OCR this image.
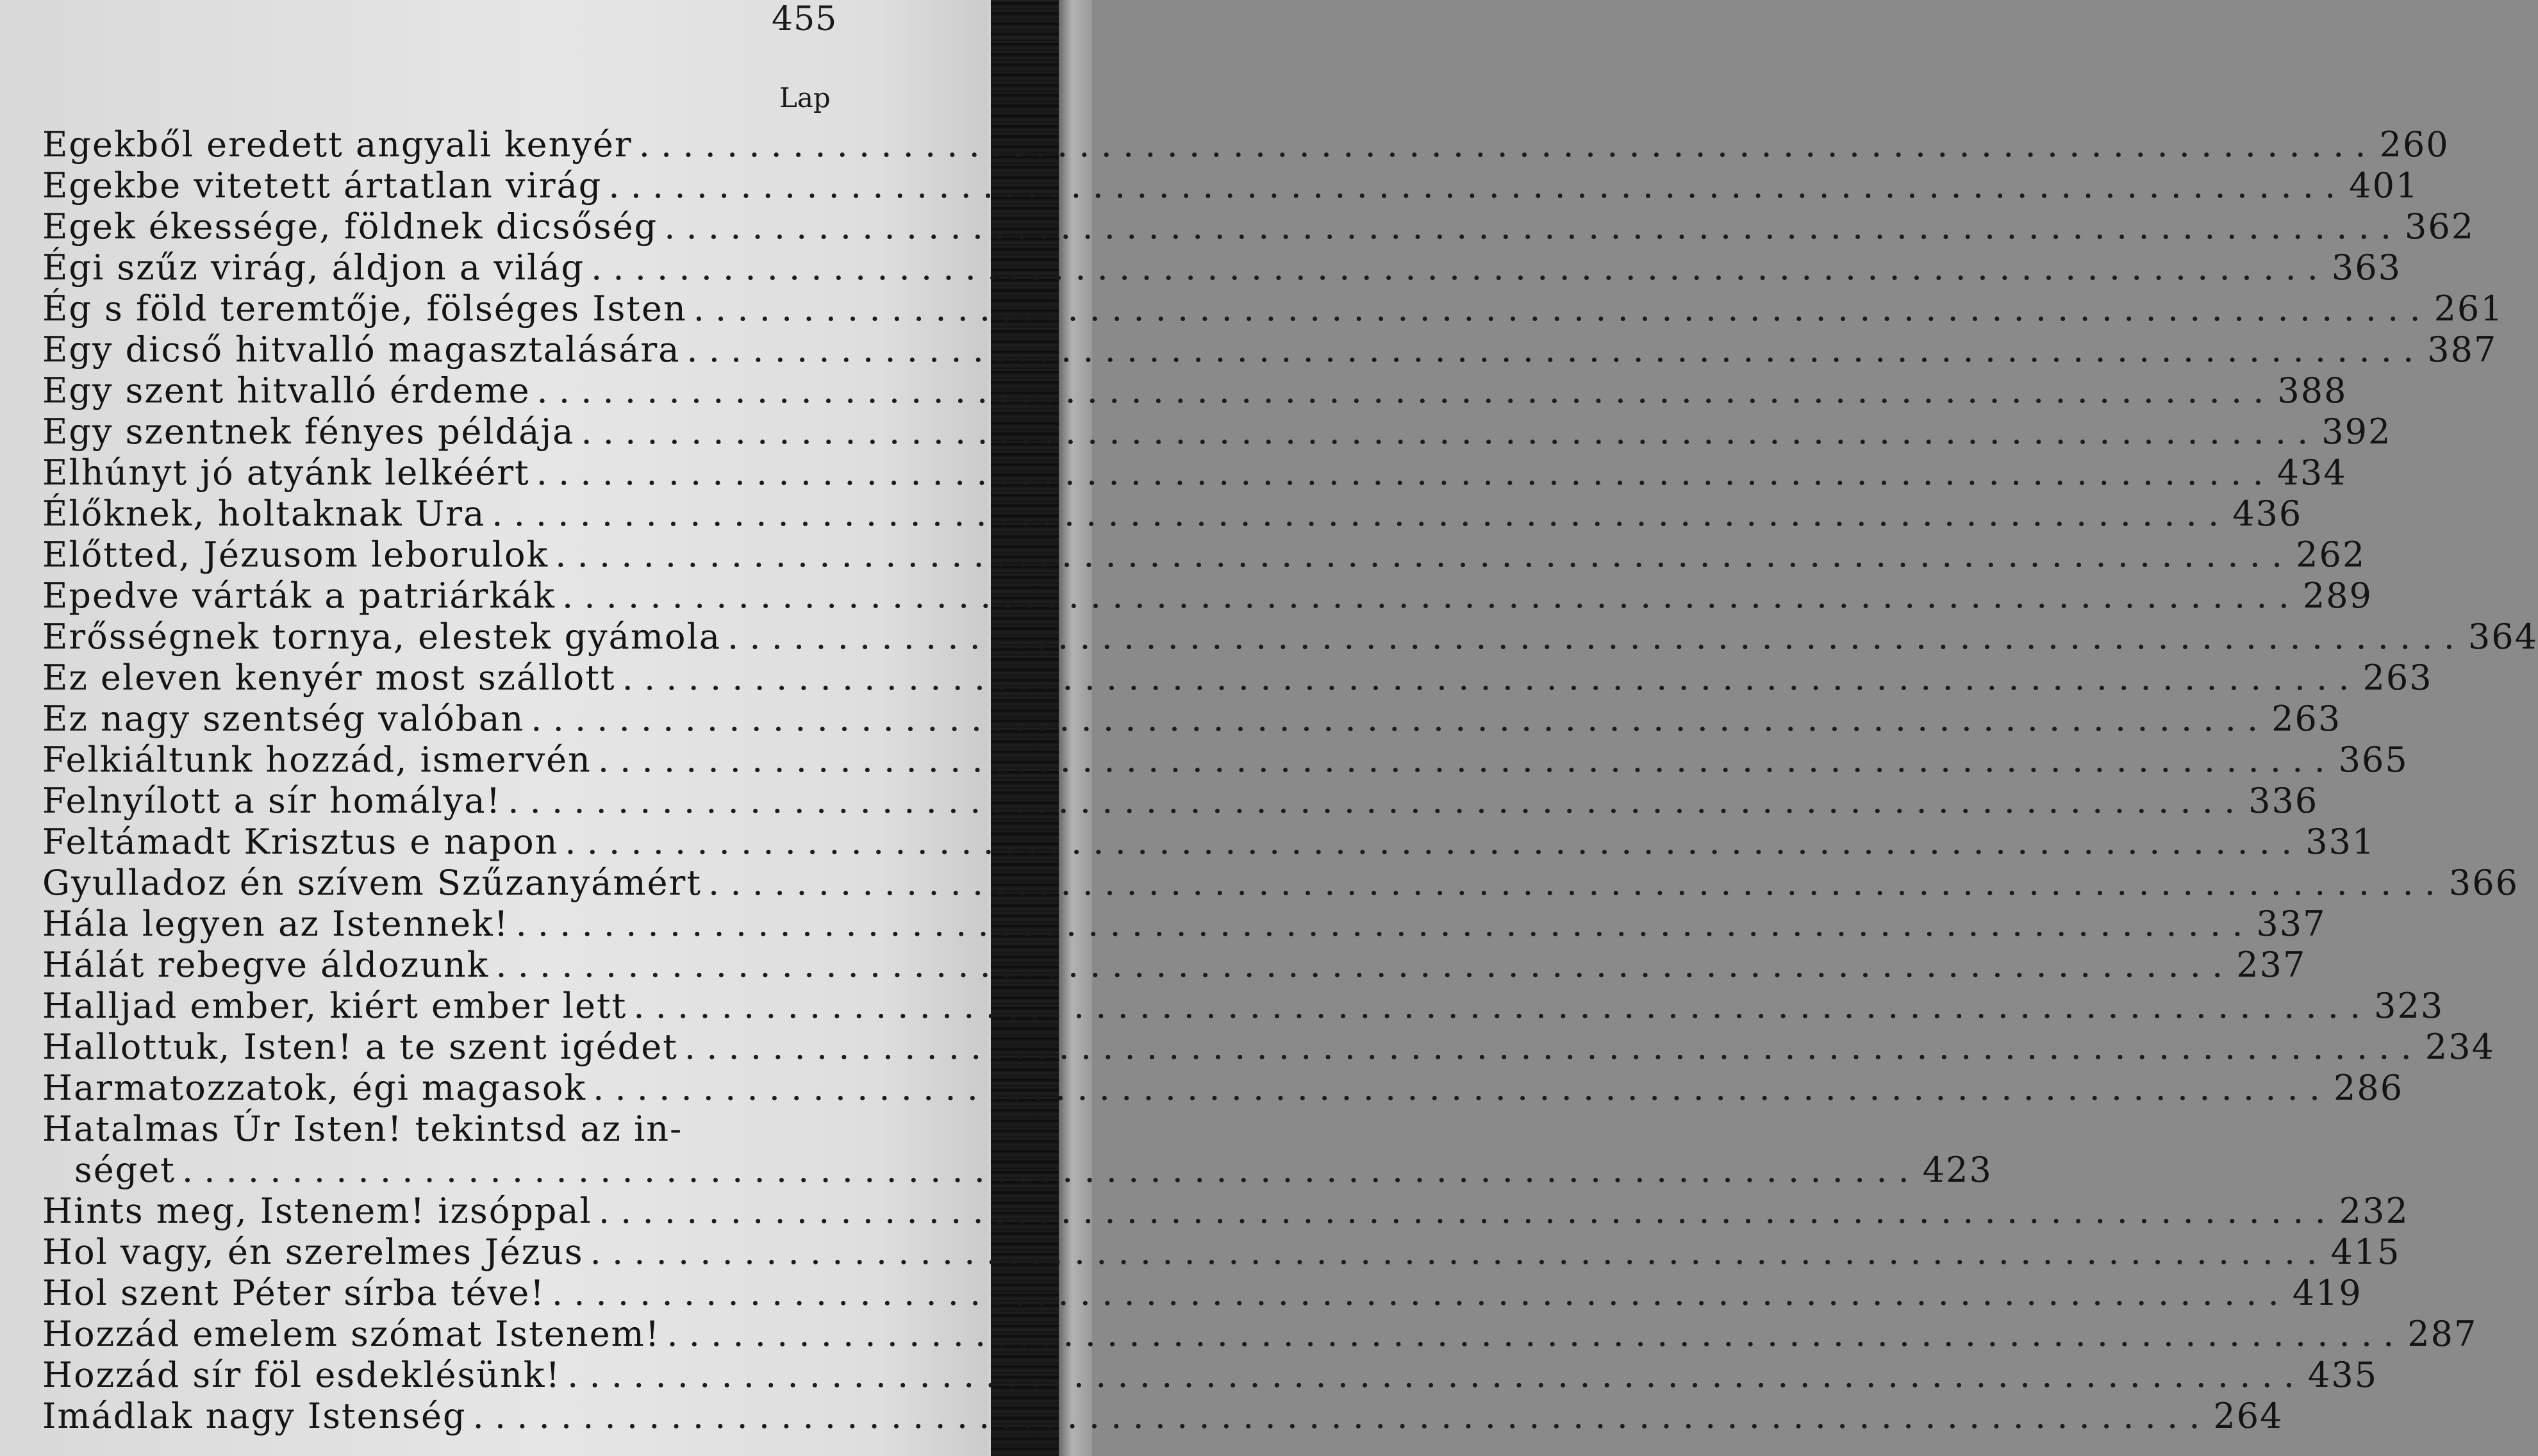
455
Lap
Egekből eredett angyali kenyér . . .	260
Egekbe vitetett ártatlan virág . . .	401
Egek ékessége, földnek dicsőség . . .	362
Égi szűz virág, áldjon a világ . . .	363
Ég s föld teremtője, fölséges Isten . . .	261
Egy dicső hitvalló magasztalására . . .	387
Egy szent hitvalló érdeme . . .	388
Egy szentnek fényes példája . . .	392
Elhúnyt jó atyánk lelkéért . . .	434
Élőknek, holtaknak Ura . . .	436
Előtted, Jézusom leborulok . . .	262
Epedve várták a patriárkák . . .	289
Erősségnek tornya, elestek gyámola . . .	364
Ez eleven kenyér most szállott . . .	263
Ez nagy szentség valóban . . .	263
Felkiáltunk hozzád, ismervén . . .	365
Felnyílott a sír homálya! . . .	336
Feltámadt Krisztus e napon . . .	331
Gyulladoz én szívem Szűzanyámért . . .	366
Hála legyen az Istennek! . . .	337
Hálát rebegve áldozunk . . .	237
Halljad ember, kiért ember lett . . .	323
Hallottuk, Isten! a te szent igédet . . .	234
Harmatozzatok, égi magasok . . .	286
Hatalmas Úr Isten! tekintsd az in-
séget . . .	423
Hints meg, Istenem! izsóppal . . .	232
Hol vagy, én szerelmes Jézus . . .	415
Hol szent Péter sírba téve! . . .	419
Hozzád emelem szómat Istenem! . . .	287
Hozzád sír föl esdeklésünk! . . .	435
Imádlak nagy Istenség . . .	264
